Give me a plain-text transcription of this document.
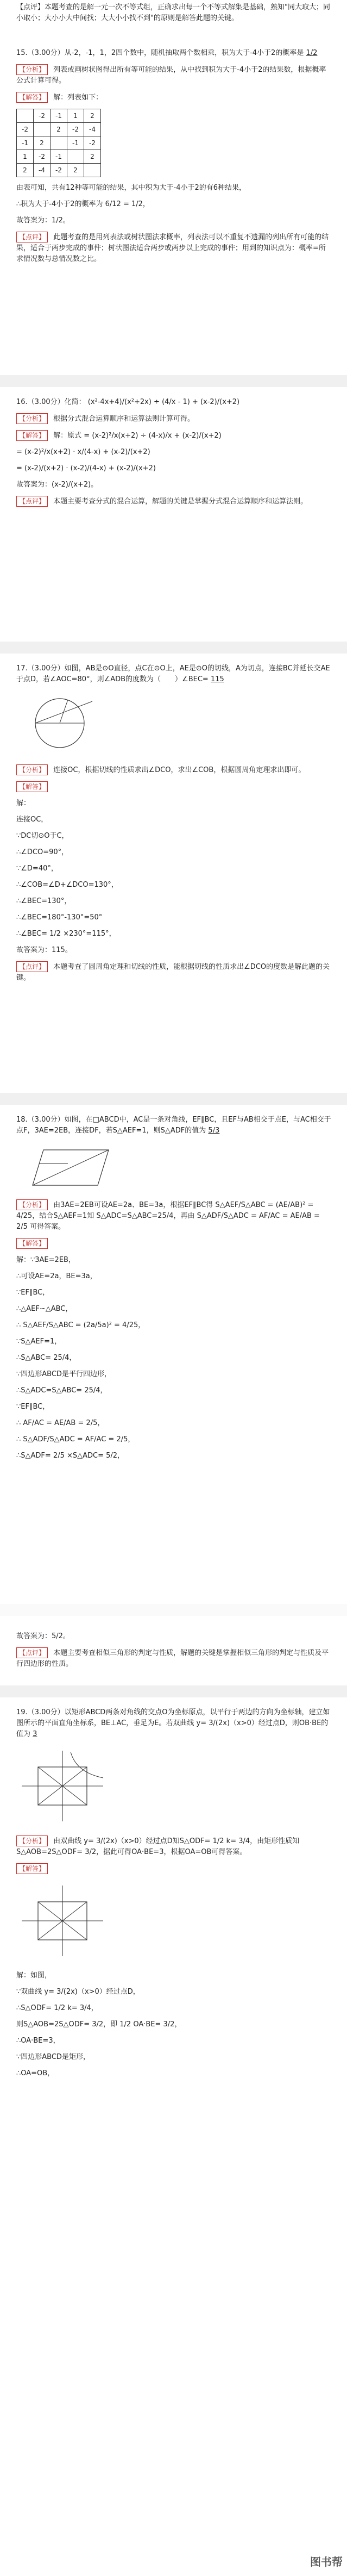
【点评】本题考查的是解一元一次不等式组，正确求出每一个不等式解集是基础，熟知"同大取大；同小取小；大小小大中间找；大大小小找不到"的原则是解答此题的关键。
15.（3.00分）从-2，-1，1，2四个数中，随机抽取两个数相乘，积为大于-4小于2的概率是 1/2
【分析】 列表或画树状图得出所有等可能的结果，从中找到积为大于-4小于2的结果数，根据概率公式计算可得。
【解答】 解：列表如下：
	-2	-1	1	2
-2		2	-2	-4
-1	2		-1	-2
1	-2	-1		2
2	-4	-2	2	
由表可知，共有12种等可能的结果，其中积为大于-4小于2的有6种结果，
∴积为大于-4小于2的概率为 6/12 = 1/2，
故答案为：1/2。
【点评】 此题考查的是用列表法或树状图法求概率，列表法可以不重复不遗漏的列出所有可能的结果，适合于两步完成的事件；树状图法适合两步或两步以上完成的事件；用到的知识点为：概率=所求情况数与总情况数之比。
16.（3.00分）化简： (x²-4x+4)/(x²+2x) ÷ (4/x - 1) + (x-2)/(x+2)
【分析】 根据分式混合运算顺序和运算法则计算可得。
【解答】 解：原式 = (x-2)²/x(x+2) ÷ (4-x)/x + (x-2)/(x+2)
= (x-2)²/x(x+2) · x/(4-x) + (x-2)/(x+2)
= (x-2)/(x+2) · (x-2)/(4-x) + (x-2)/(x+2)
故答案为：(x-2)/(x+2)。
【点评】 本题主要考查分式的混合运算，解题的关键是掌握分式混合运算顺序和运算法则。
17.（3.00分）如图，AB是⊙O直径，点C在⊙O上，AE是⊙O的切线，A为切点，连接BC并延长交AE于点D，若∠AOC=80°，则∠ADB的度数为（　　）∠BEC= 115
【分析】 连接OC，根据切线的性质求出∠DCO，求出∠COB，根据圆周角定理求出即可。
【解答】
解：
连接OC，
∵DC切⊙O于C，
∴∠DCO=90°，
∵∠D=40°，
∴∠COB=∠D+∠DCO=130°，
∴∠BEC=130°，
∴∠BEC=180°-130°=50°
∴∠BEC= 1/2 ×230°=115°，
故答案为：115。
【点评】 本题考查了圆周角定理和切线的性质，能根据切线的性质求出∠DCO的度数是解此题的关键。
18.（3.00分）如图，在□ABCD中，AC是一条对角线，EF∥BC，且EF与AB相交于点E，与AC相交于点F，3AE=2EB，连接DF，若S△AEF=1，则S△ADF的值为 5/3
【分析】 由3AE=2EB可设AE=2a、BE=3a，根据EF∥BC得 S△AEF/S△ABC = (AE/AB)² = 4/25，结合S△AEF=1知 S△ADC=S△ABC=25/4，再由 S△ADF/S△ADC = AF/AC = AE/AB = 2/5 可得答案。
【解答】
解：∵3AE=2EB，
∴可设AE=2a，BE=3a，
∵EF∥BC，
∴△AEF∽△ABC，
∴ S△AEF/S△ABC = (2a/5a)² = 4/25，
∵S△AEF=1，
∴S△ABC= 25/4，
∵四边形ABCD是平行四边形，
∴S△ADC=S△ABC= 25/4，
∵EF∥BC，
∴ AF/AC = AE/AB = 2/5，
∴ S△ADF/S△ADC = AF/AC = 2/5，
∴S△ADF= 2/5 ×S△ADC= 5/2，
故答案为：5/2。
【点评】 本题主要考查相似三角形的判定与性质，解题的关键是掌握相似三角形的判定与性质及平行四边形的性质。
19.（3.00分）以矩形ABCD两条对角线的交点O为坐标原点，以平行于两边的方向为坐标轴，建立如图所示的平面直角坐标系，BE⊥AC，垂足为E。若双曲线 y= 3/(2x)（x>0）经过点D，则OB·BE的值为 3
【分析】 由双曲线 y= 3/(2x)（x>0）经过点D知S△ODF= 1/2 k= 3/4，由矩形性质知S△AOB=2S△ODF= 3/2，据此可得OA·BE=3，根据OA=OB可得答案。
【解答】
解：如图，
∵双曲线 y= 3/(2x)（x>0）经过点D，
∴S△ODF= 1/2 k= 3/4，
则S△AOB=2S△ODF= 3/2，即 1/2 OA·BE= 3/2，
∴OA·BE=3，
∵四边形ABCD是矩形，
∴OA=OB，
图书帮
